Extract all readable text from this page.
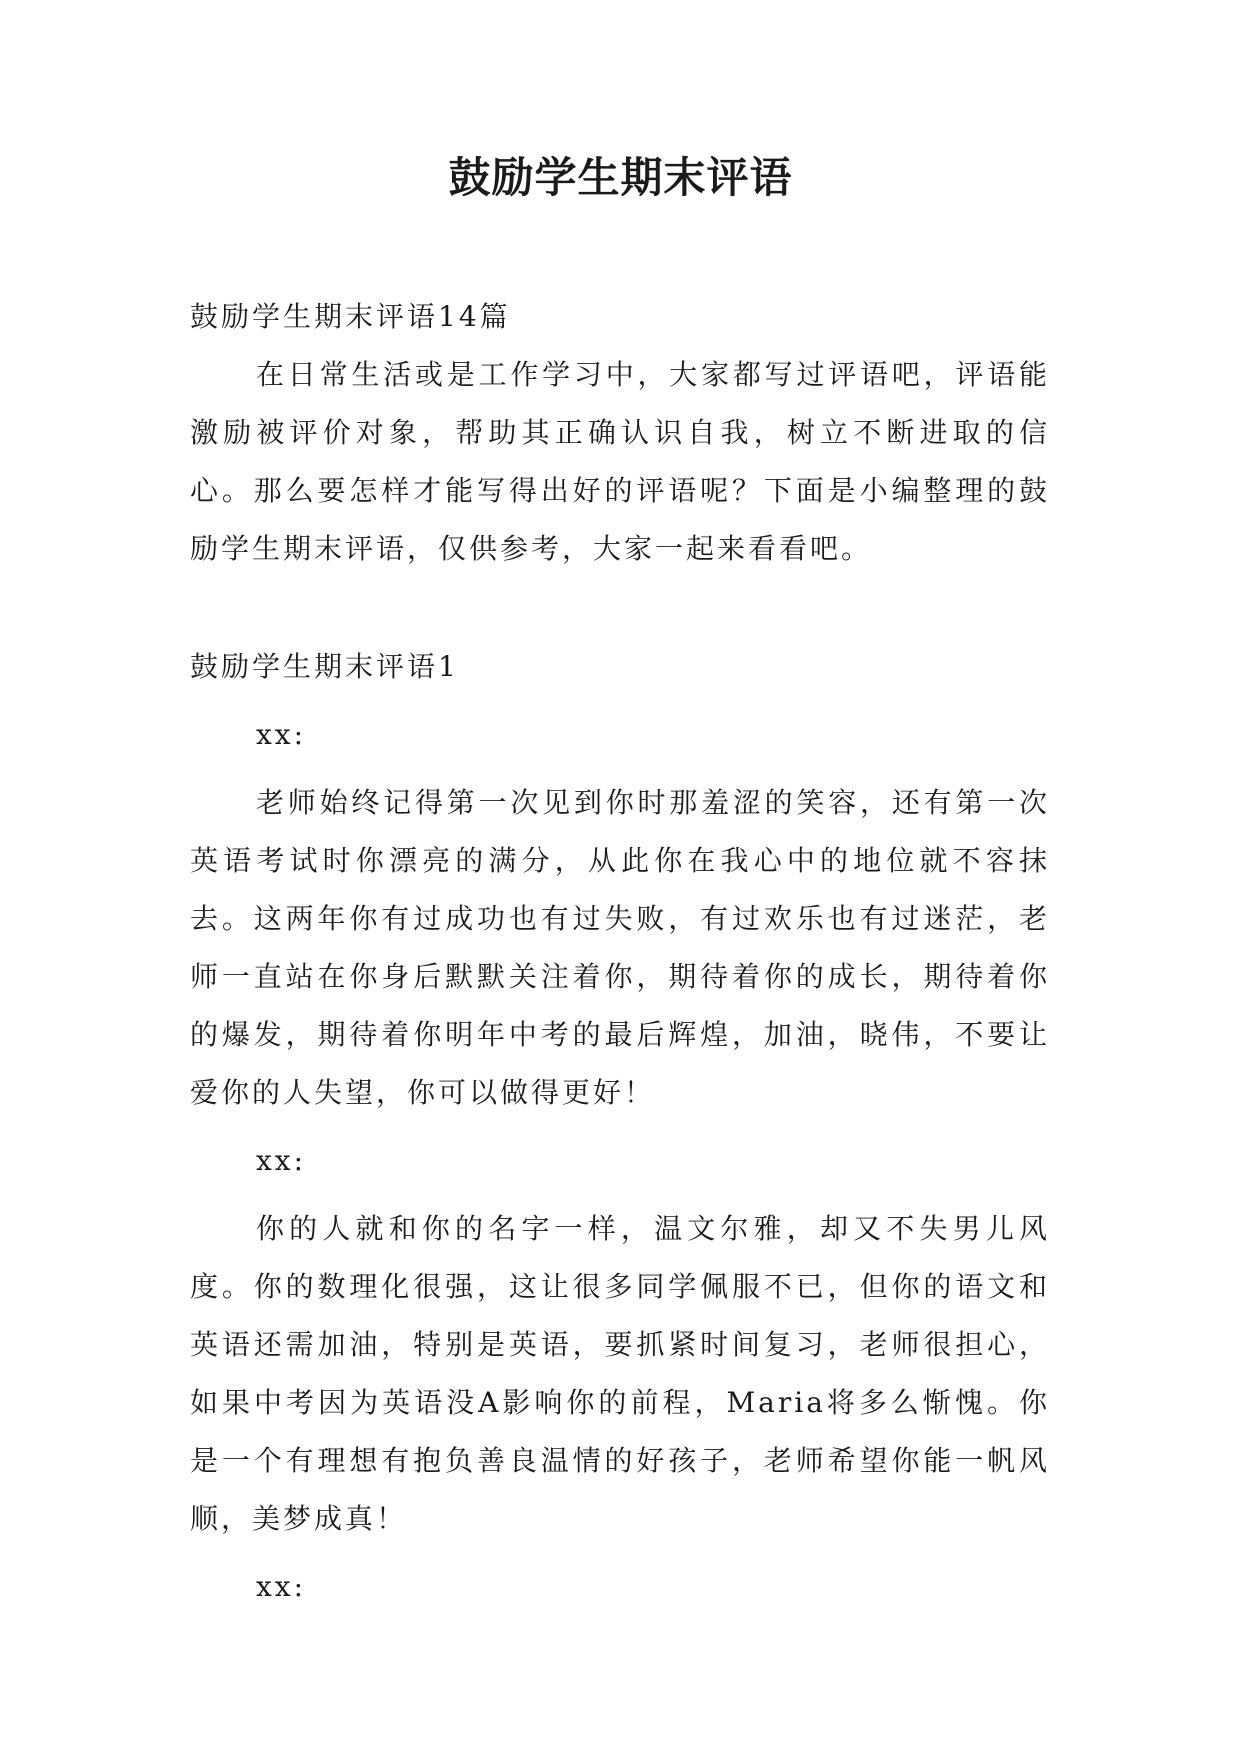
鼓励学生期末评语

鼓励学生期末评语14篇

在日常生活或是工作学习中，大家都写过评语吧，评语能激励被评价对象，帮助其正确认识自我，树立不断进取的信心。那么要怎样才能写得出好的评语呢？下面是小编整理的鼓励学生期末评语，仅供参考，大家一起来看看吧。

鼓励学生期末评语1

xx:

老师始终记得第一次见到你时那羞涩的笑容，还有第一次英语考试时你漂亮的满分，从此你在我心中的地位就不容抹去。这两年你有过成功也有过失败，有过欢乐也有过迷茫，老师一直站在你身后默默关注着你，期待着你的成长，期待着你的爆发，期待着你明年中考的最后辉煌，加油，晓伟，不要让爱你的人失望，你可以做得更好！

xx:

你的人就和你的名字一样，温文尔雅，却又不失男儿风度。你的数理化很强，这让很多同学佩服不已，但你的语文和英语还需加油，特别是英语，要抓紧时间复习，老师很担心，如果中考因为英语没A影响你的前程，Maria将多么惭愧。你是一个有理想有抱负善良温情的好孩子，老师希望你能一帆风顺，美梦成真！

xx:
